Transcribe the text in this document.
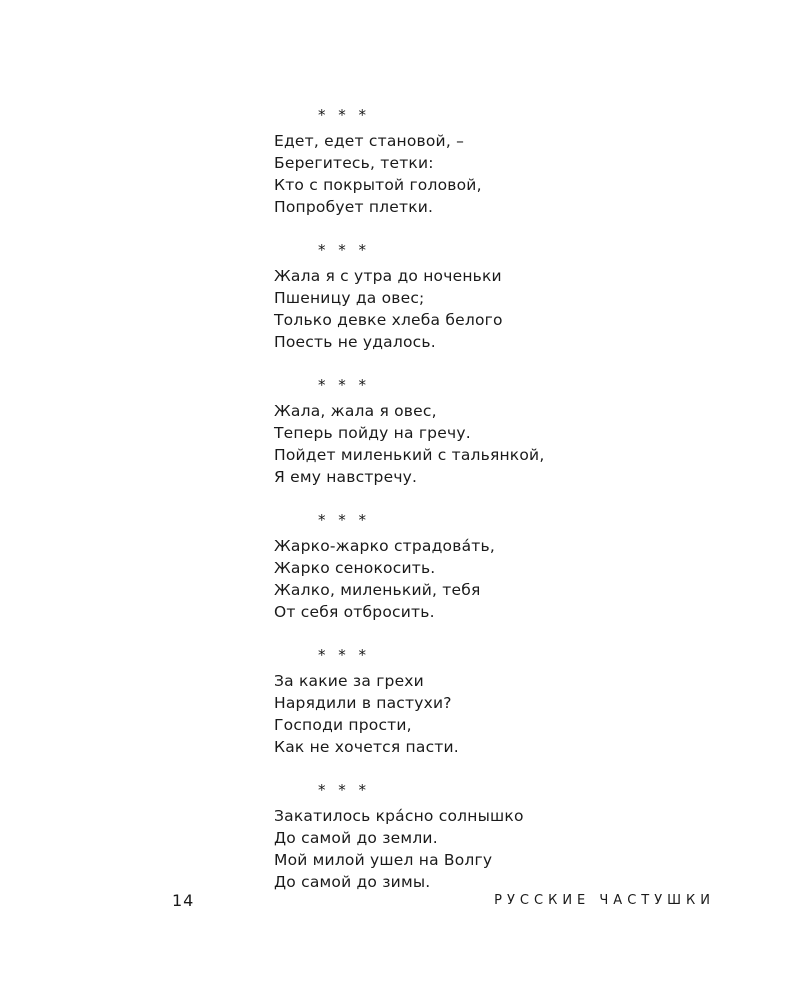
* * *
Едет, едет становой, –
Берегитесь, тетки:
Кто с покрытой головой,
Попробует плетки.
* * *
Жала я с утра до ноченьки
Пшеницу да овес;
Только девке хлеба белого
Поесть не удалось.
* * *
Жала, жала я овес,
Теперь пойду на гречу.
Пойдет миленький с тальянкой,
Я ему навстречу.
* * *
Жарко-жарко страдова́ть,
Жарко сенокосить.
Жалко, миленький, тебя
От себя отбросить.
* * *
За какие за грехи
Нарядили в пастухи?
Господи прости,
Как не хочется пасти.
* * *
Закатилось кра́сно солнышко
До самой до земли.
Мой милой ушел на Волгу
До самой до зимы.
14	РУССКИЕ ЧАСТУШКИ
